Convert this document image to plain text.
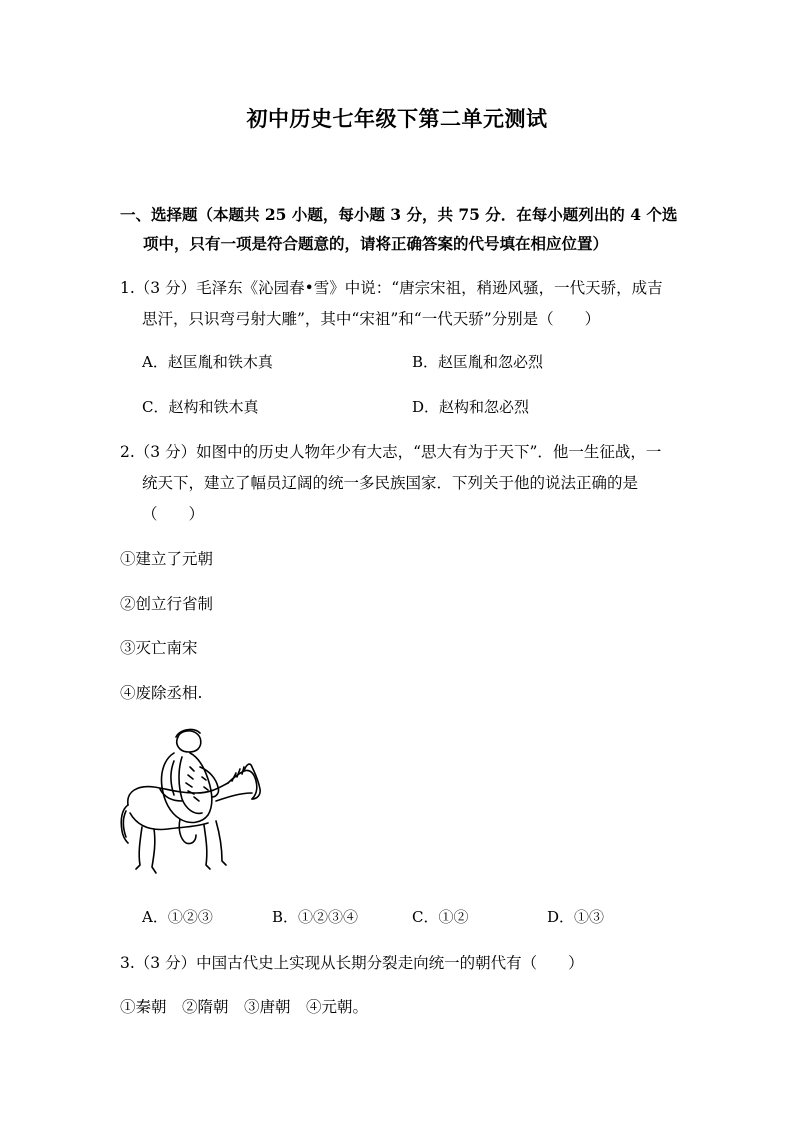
初中历史七年级下第二单元测试
一、选择题（本题共 25 小题，每小题 3 分，共 75 分．在每小题列出的 4 个选
项中，只有一项是符合题意的，请将正确答案的代号填在相应位置）
1.（3 分）毛泽东《沁园春•雪》中说：“唐宗宋祖，稍逊风骚，一代天骄，成吉
思汗，只识弯弓射大雕”，其中“宋祖”和“一代天骄”分别是（　　）
A．赵匡胤和铁木真	B．赵匡胤和忽必烈
C．赵构和铁木真	D．赵构和忽必烈
2.（3 分）如图中的历史人物年少有大志，“思大有为于天下”．他一生征战，一
统天下，建立了幅员辽阔的统一多民族国家．下列关于他的说法正确的是
（　　）
①建立了元朝
②创立行省制
③灭亡南宋
④废除丞相.
A．①②③	B．①②③④	C．①②	D．①③
3.（3 分）中国古代史上实现从长期分裂走向统一的朝代有（　　）
①秦朝　②隋朝　③唐朝　④元朝。
